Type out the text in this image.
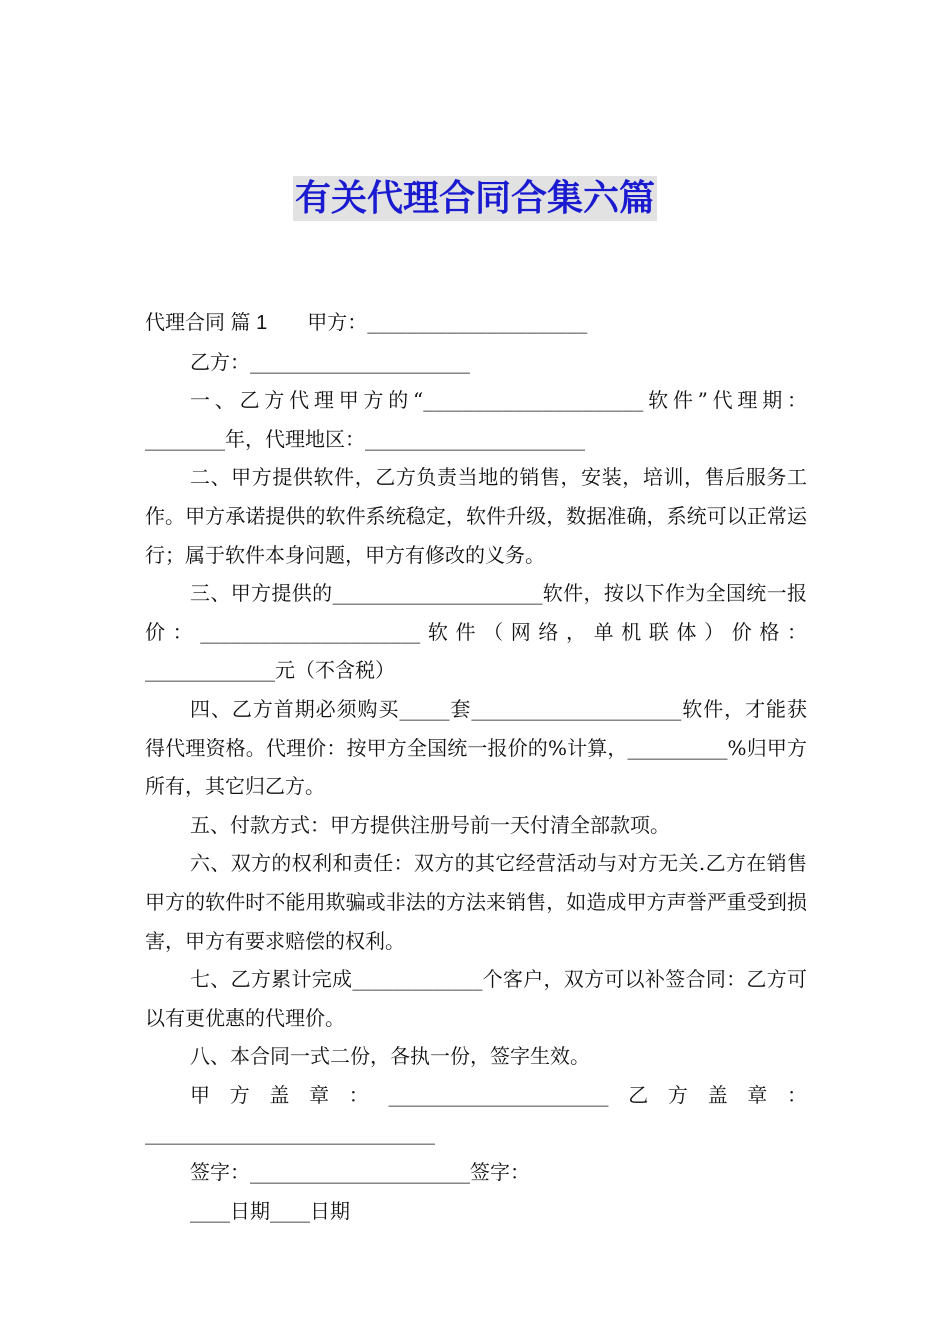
有关代理合同合集六篇

代理合同 篇 1 甲方：______________________

乙方：______________________

一、乙方代理甲方的“______________________软件”代理期：________年，代理地区：______________________

二、甲方提供软件，乙方负责当地的销售，安装，培训，售后服务工作。甲方承诺提供的软件系统稳定，软件升级，数据准确，系统可以正常运行；属于软件本身问题，甲方有修改的义务。

三、甲方提供的_____________________软件，按以下作为全国统一报价：______________________软件（网络，单机联体）价格：_____________元（不含税）

四、乙方首期必须购买_____套_____________________软件，才能获得代理资格。代理价：按甲方全国统一报价的%计算，__________%归甲方所有，其它归乙方。

五、付款方式：甲方提供注册号前一天付清全部款项。

六、双方的权利和责任：双方的其它经营活动与对方无关.乙方在销售甲方的软件时不能用欺骗或非法的方法来销售，如造成甲方声誉严重受到损害，甲方有要求赔偿的权利。

七、乙方累计完成_____________个客户，双方可以补签合同：乙方可以有更优惠的代理价。

八、本合同一式二份，各执一份，签字生效。

甲方盖章：______________________乙方盖章：_____________________________

签字：______________________签字：

____日期____日期
